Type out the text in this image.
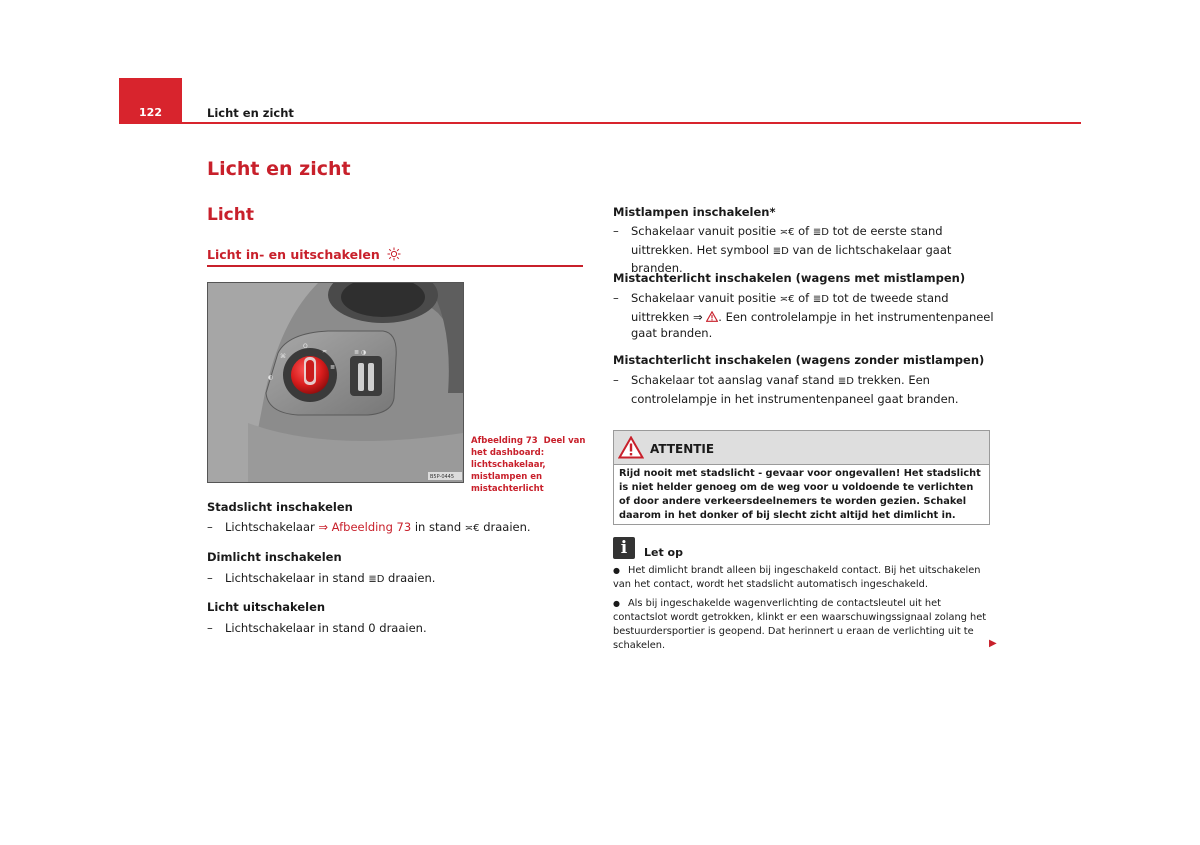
122	Licht en zicht
Licht en zicht
Licht
Licht in- en uitschakelen
⌘
O
≍
≣
◐
≣ ◑
B5P-0445
Afbeelding 73 Deel van het dashboard: lichtschakelaar, mistlampen en mistachterlicht
Stadslicht inschakelen
– Lichtschakelaar ⇒ Afbeelding 73 in stand ≍€ draaien.
Dimlicht inschakelen
– Lichtschakelaar in stand ≣D draaien.
Licht uitschakelen
– Lichtschakelaar in stand 0 draaien.
Mistlampen inschakelen*
– Schakelaar vanuit positie ≍€ of ≣D tot de eerste stand uittrekken. Het symbool ≣D van de lichtschakelaar gaat branden.
Mistachterlicht inschakelen (wagens met mistlampen)
– Schakelaar vanuit positie ≍€ of ≣D tot de tweede stand uittrekken ⇒ . Een controlelampje in het instrumentenpaneel gaat branden.
Mistachterlicht inschakelen (wagens zonder mistlampen)
– Schakelaar tot aanslag vanaf stand ≣D trekken. Een controlelampje in het instrumentenpaneel gaat branden.
ATTENTIE
Rijd nooit met stadslicht - gevaar voor ongevallen! Het stadslicht is niet helder genoeg om de weg voor u voldoende te verlichten of door andere verkeersdeelnemers te worden gezien. Schakel daarom in het donker of bij slecht zicht altijd het dimlicht in.
i	Let op
● Het dimlicht brandt alleen bij ingeschakeld contact. Bij het uitschakelen van het contact, wordt het stadslicht automatisch ingeschakeld.
● Als bij ingeschakelde wagenverlichting de contactsleutel uit het contactslot wordt getrokken, klinkt er een waarschuwingssignaal zolang het bestuurdersportier is geopend. Dat herinnert u eraan de verlichting uit te schakelen.	▶
